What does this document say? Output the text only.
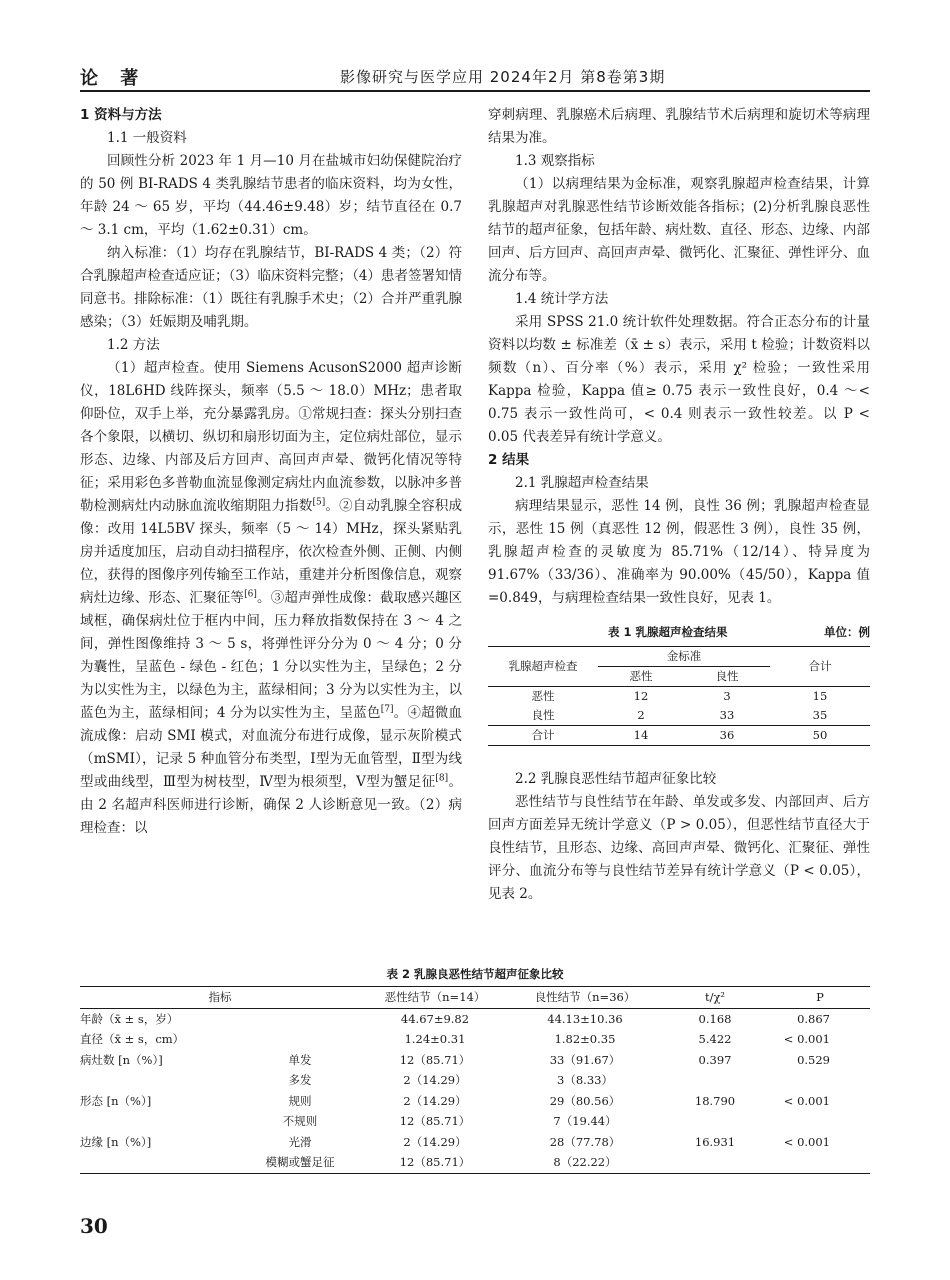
论 著	影像研究与医学应用 2024年2月 第8卷第3期
1 资料与方法
1.1 一般资料

回顾性分析 2023 年 1 月—10 月在盐城市妇幼保健院治疗的 50 例 BI-RADS 4 类乳腺结节患者的临床资料，均为女性，年龄 24 ～ 65 岁，平均（44.46±9.48）岁；结节直径在 0.7 ～ 3.1 cm，平均（1.62±0.31）cm。

纳入标准：（1）均存在乳腺结节，BI-RADS 4 类；（2）符合乳腺超声检查适应证；（3）临床资料完整；（4）患者签署知情同意书。排除标准：（1）既往有乳腺手术史；（2）合并严重乳腺感染；（3）妊娠期及哺乳期。

1.2 方法

（1）超声检查。使用 Siemens AcusonS2000 超声诊断仪，18L6HD 线阵探头，频率（5.5 ～ 18.0）MHz；患者取仰卧位，双手上举，充分暴露乳房。①常规扫查：探头分别扫查各个象限，以横切、纵切和扇形切面为主，定位病灶部位，显示形态、边缘、内部及后方回声、高回声声晕、微钙化情况等特征；采用彩色多普勒血流显像测定病灶内血流参数，以脉冲多普勒检测病灶内动脉血流收缩期阻力指数[5]。②自动乳腺全容积成像：改用 14L5BV 探头，频率（5 ～ 14）MHz，探头紧贴乳房并适度加压，启动自动扫描程序，依次检查外侧、正侧、内侧位，获得的图像序列传输至工作站，重建并分析图像信息，观察病灶边缘、形态、汇聚征等[6]。③超声弹性成像：截取感兴趣区域框，确保病灶位于框内中间，压力释放指数保持在 3 ～ 4 之间，弹性图像维持 3 ～ 5 s，将弹性评分分为 0 ～ 4 分；0 分为囊性，呈蓝色 - 绿色 - 红色；1 分以实性为主，呈绿色；2 分为以实性为主，以绿色为主，蓝绿相间；3 分为以实性为主，以蓝色为主，蓝绿相间；4 分为以实性为主，呈蓝色[7]。④超微血流成像：启动 SMI 模式，对血流分布进行成像，显示灰阶模式（mSMI），记录 5 种血管分布类型，Ⅰ型为无血管型，Ⅱ型为线型或曲线型，Ⅲ型为树枝型，Ⅳ型为根须型，Ⅴ型为蟹足征[8]。由 2 名超声科医师进行诊断，确保 2 人诊断意见一致。（2）病理检查：以

穿刺病理、乳腺癌术后病理、乳腺结节术后病理和旋切术等病理结果为准。

1.3 观察指标

（1）以病理结果为金标准，观察乳腺超声检查结果，计算乳腺超声对乳腺恶性结节诊断效能各指标；(2)分析乳腺良恶性结节的超声征象，包括年龄、病灶数、直径、形态、边缘、内部回声、后方回声、高回声声晕、微钙化、汇聚征、弹性评分、血流分布等。

1.4 统计学方法

采用 SPSS 21.0 统计软件处理数据。符合正态分布的计量资料以均数 ± 标准差（x̄ ± s）表示，采用 t 检验；计数资料以频数（n）、百分率（%）表示，采用 χ² 检验；一致性采用 Kappa 检验，Kappa 值≥ 0.75 表示一致性良好，0.4 ～< 0.75 表示一致性尚可，< 0.4 则表示一致性较差。以 P < 0.05 代表差异有统计学意义。

2 结果
2.1 乳腺超声检查结果

病理结果显示，恶性 14 例，良性 36 例；乳腺超声检查显示，恶性 15 例（真恶性 12 例，假恶性 3 例），良性 35 例，乳腺超声检查的灵敏度为 85.71%（12/14）、特异度为 91.67%（33/36）、准确率为 90.00%（45/50），Kappa 值 =0.849，与病理检查结果一致性良好，见表 1。

表 1 乳腺超声检查结果	单位：例
乳腺超声检查	金标准		合计
	恶性	良性	
恶性	12	3	15
良性	2	33	35
合计	14	36	50
2.2 乳腺良恶性结节超声征象比较

恶性结节与良性结节在年龄、单发或多发、内部回声、后方回声方面差异无统计学意义（P > 0.05），但恶性结节直径大于良性结节，且形态、边缘、高回声声晕、微钙化、汇聚征、弹性评分、血流分布等与良性结节差异有统计学意义（P < 0.05），见表 2。

表 2 乳腺良恶性结节超声征象比较
指标		恶性结节（n=14）	良性结节（n=36）	t/χ²	P
年龄（x̄ ± s，岁）		44.67±9.82	44.13±10.36	0.168	0.867
直径（x̄ ± s，cm）		1.24±0.31	1.82±0.35	5.422	< 0.001
病灶数 [n（%）]	单发	12（85.71）	33（91.67）	0.397	0.529
	多发	2（14.29）	3（8.33）		
形态 [n（%）]	规则	2（14.29）	29（80.56）	18.790	< 0.001
	不规则	12（85.71）	7（19.44）		
边缘 [n（%）]	光滑	2（14.29）	28（77.78）	16.931	< 0.001
	模糊或蟹足征	12（85.71）	8（22.22）		
30
